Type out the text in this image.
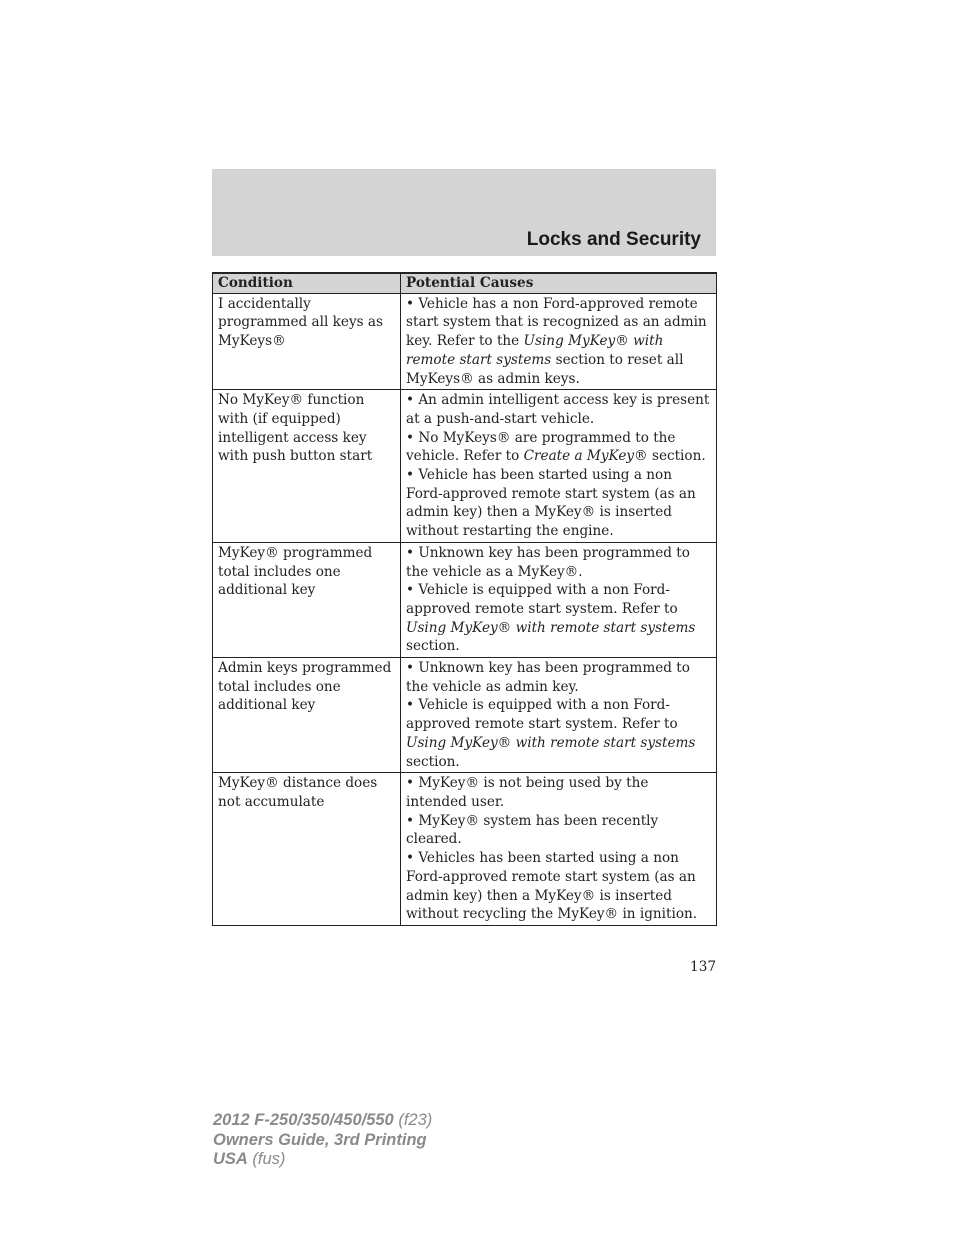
Locks and Security
Condition	Potential Causes
I accidentally programmed all keys as MyKeys®	• Vehicle has a non Ford-approved remote start system that is recognized as an admin key. Refer to the Using MyKey® with remote start systems section to reset all MyKeys® as admin keys.

No MyKey® function with (if equipped) intelligent access key with push button start	• An admin intelligent access key is present at a push-and-start vehicle.
• No MyKeys® are programmed to the vehicle. Refer to Create a MyKey® section.
• Vehicle has been started using a non Ford-approved remote start system (as an admin key) then a MyKey® is inserted without restarting the engine.

MyKey® programmed total includes one additional key	• Unknown key has been programmed to the vehicle as a MyKey®.
• Vehicle is equipped with a non Ford-approved remote start system. Refer to Using MyKey® with remote start systems section.

Admin keys programmed total includes one additional key	• Unknown key has been programmed to the vehicle as admin key.
• Vehicle is equipped with a non Ford-approved remote start system. Refer to Using MyKey® with remote start systems section.

MyKey® distance does not accumulate	• MyKey® is not being used by the intended user.
• MyKey® system has been recently cleared.
• Vehicles has been started using a non Ford-approved remote start system (as an admin key) then a MyKey® is inserted without recycling the MyKey® in ignition.
137
2012 F-250/350/450/550 (f23)
Owners Guide, 3rd Printing
USA (fus)
